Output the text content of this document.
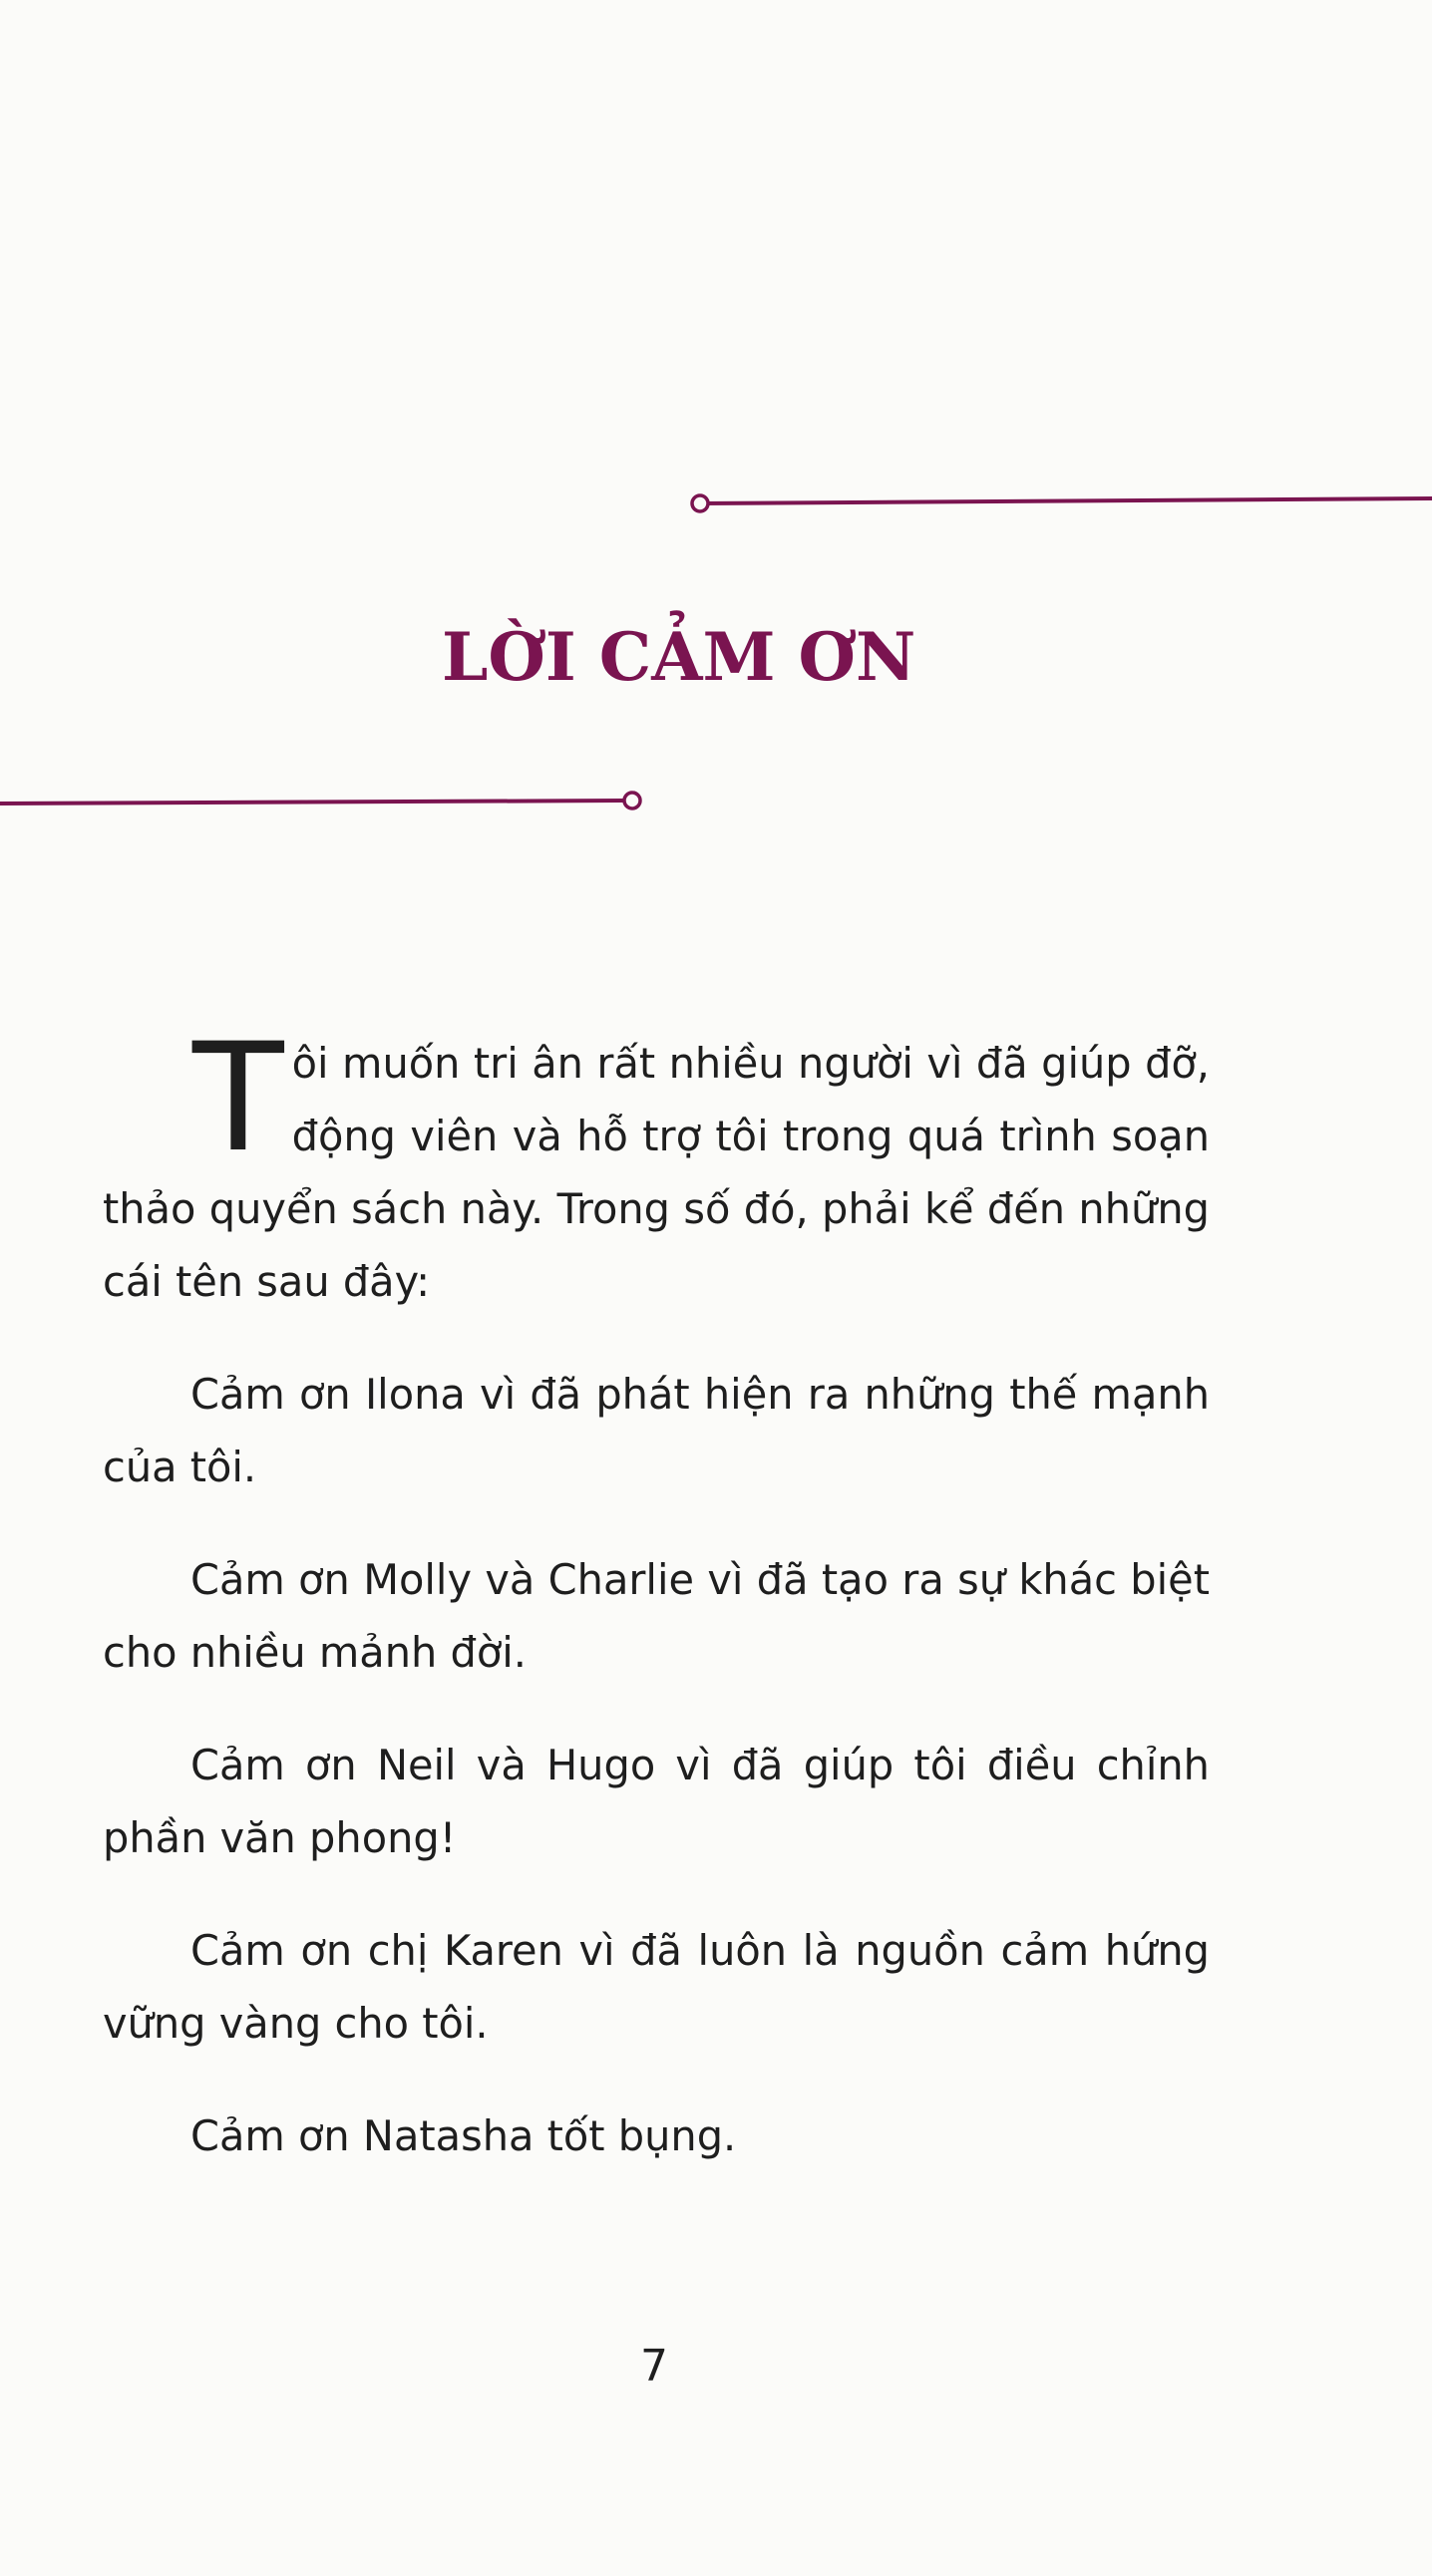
LỜI CẢM ƠN

Tôi muốn tri ân rất nhiều người vì đã giúp đỡ, động viên và hỗ trợ tôi trong quá trình soạn thảo quyển sách này. Trong số đó, phải kể đến những cái tên sau đây:

Cảm ơn Ilona vì đã phát hiện ra những thế mạnh của tôi.

Cảm ơn Molly và Charlie vì đã tạo ra sự khác biệt cho nhiều mảnh đời.

Cảm ơn Neil và Hugo vì đã giúp tôi điều chỉnh phần văn phong!

Cảm ơn chị Karen vì đã luôn là nguồn cảm hứng vững vàng cho tôi.

Cảm ơn Natasha tốt bụng.

7
